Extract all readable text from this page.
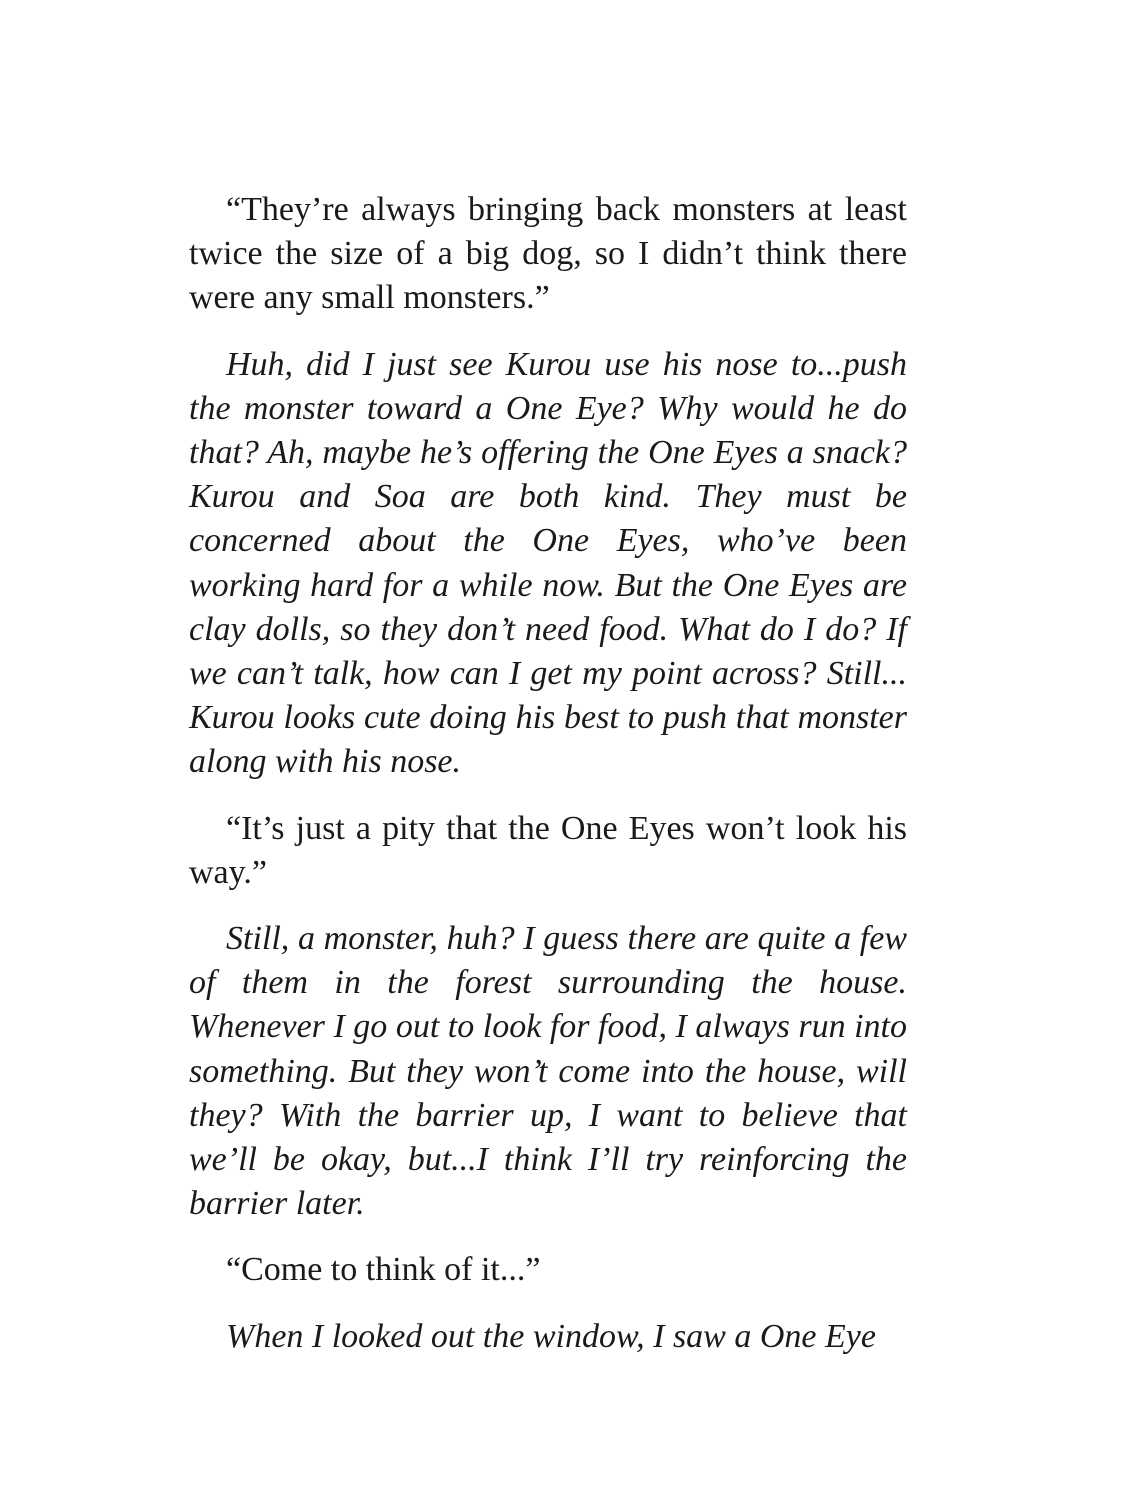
“They’re always bringing back monsters at least twice the size of a big dog, so I didn’t think there were any small monsters.”

Huh, did I just see Kurou use his nose to...push the monster toward a One Eye? Why would he do that? Ah, maybe he’s offering the One Eyes a snack? Kurou and Soa are both kind. They must be concerned about the One Eyes, who’ve been working hard for a while now. But the One Eyes are clay dolls, so they don’t need food. What do I do? If we can’t talk, how can I get my point across? Still... Kurou looks cute doing his best to push that monster along with his nose.

“It’s just a pity that the One Eyes won’t look his way.”

Still, a monster, huh? I guess there are quite a few of them in the forest surrounding the house. Whenever I go out to look for food, I always run into something. But they won’t come into the house, will they? With the barrier up, I want to believe that we’ll be okay, but...I think I’ll try reinforcing the barrier later.

“Come to think of it...”

When I looked out the window, I saw a One Eye
